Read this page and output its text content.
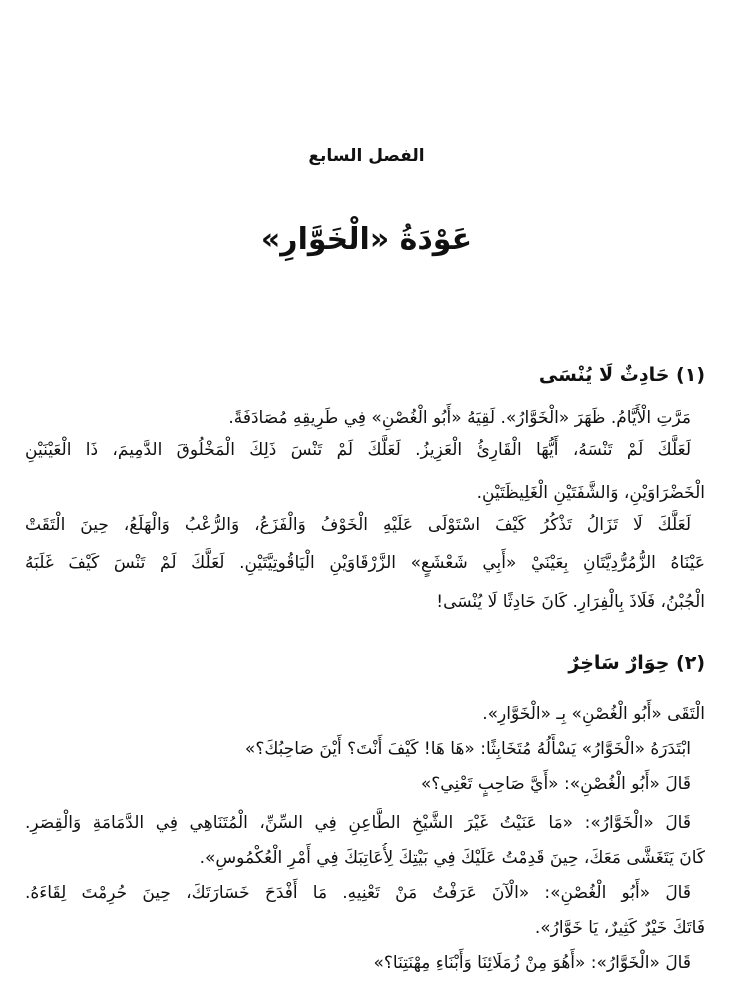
الفصل السابع
عَوْدَةُ «الْخَوَّارِ»
(١) حَادِثٌ لَا يُنْسَى
مَرَّتِ الْأَيَّامُ. ظَهَرَ «الْخَوَّارُ». لَقِيَهُ «أَبُو الْغُصْنِ» فِي طَرِيقِهِ مُصَادَفَةً.
لَعَلَّكَ لَمْ تَنْسَهُ، أَيُّهَا الْقَارِئُ الْعَزِيزُ. لَعَلَّكَ لَمْ تَنْسَ ذَلِكَ الْمَخْلُوقَ الدَّمِيمَ، ذَا الْعَيْنَيْنِ
الْخَضْرَاوَيْنِ، وَالشَّفَتَيْنِ الْغَلِيظَتَيْنِ.
لَعَلَّكَ لَا تَزَالُ تَذْكُرُ كَيْفَ اسْتَوْلَى عَلَيْهِ الْخَوْفُ وَالْفَزَعُ، وَالرُّعْبُ وَالْهَلَعُ، حِينَ الْتَقَتْ
عَيْنَاهُ الزُّمُرُّدِيَّتَانِ بِعَيْنَيْ «أَبِي شَعْشَعٍ» الزَّرْقَاوَيْنِ الْيَاقُوتِيَّتَيْنِ. لَعَلَّكَ لَمْ تَنْسَ كَيْفَ غَلَبَهُ
الْجُبْنُ، فَلَاذَ بِالْفِرَارِ. كَانَ حَادِثًا لَا يُنْسَى!
(٢) حِوَارٌ سَاخِرٌ
الْتَقَى «أَبُو الْغُصْنِ» بِـ «الْخَوَّارِ».
ابْتَدَرَهُ «الْخَوَّارُ» يَسْأَلُهُ مُتَخَابِثًا: «هَا هَا! كَيْفَ أَنْتَ؟ أَيْنَ صَاحِبُكَ؟»
قَالَ «أَبُو الْغُصْنِ»: «أَيَّ صَاحِبٍ تَعْنِي؟»
قَالَ «الْخَوَّارُ»: «مَا عَنَيْتُ غَيْرَ الشَّيْخِ الطَّاعِنِ فِي السِّنِّ، الْمُتَنَاهِي فِي الدَّمَامَةِ وَالْقِصَرِ.
كَانَ يَتَغَشَّى مَعَكَ، حِينَ قَدِمْتُ عَلَيْكَ فِي بَيْتِكَ لِأُعَاتِبَكَ فِي أَمْرِ الْعُكْمُوسِ».
قَالَ «أَبُو الْغُصْنِ»: «الْآنَ عَرَفْتُ مَنْ تَعْنِيهِ. مَا أَفْدَحَ خَسَارَتَكَ، حِينَ حُرِمْتَ لِقَاءَهُ.
فَاتَكَ خَيْرٌ كَثِيرٌ، يَا خَوَّارُ».
قَالَ «الْخَوَّارُ»: «أَهُوَ مِنْ زُمَلَائِنَا وَأَبْنَاءِ مِهْنَتِنَا؟»
